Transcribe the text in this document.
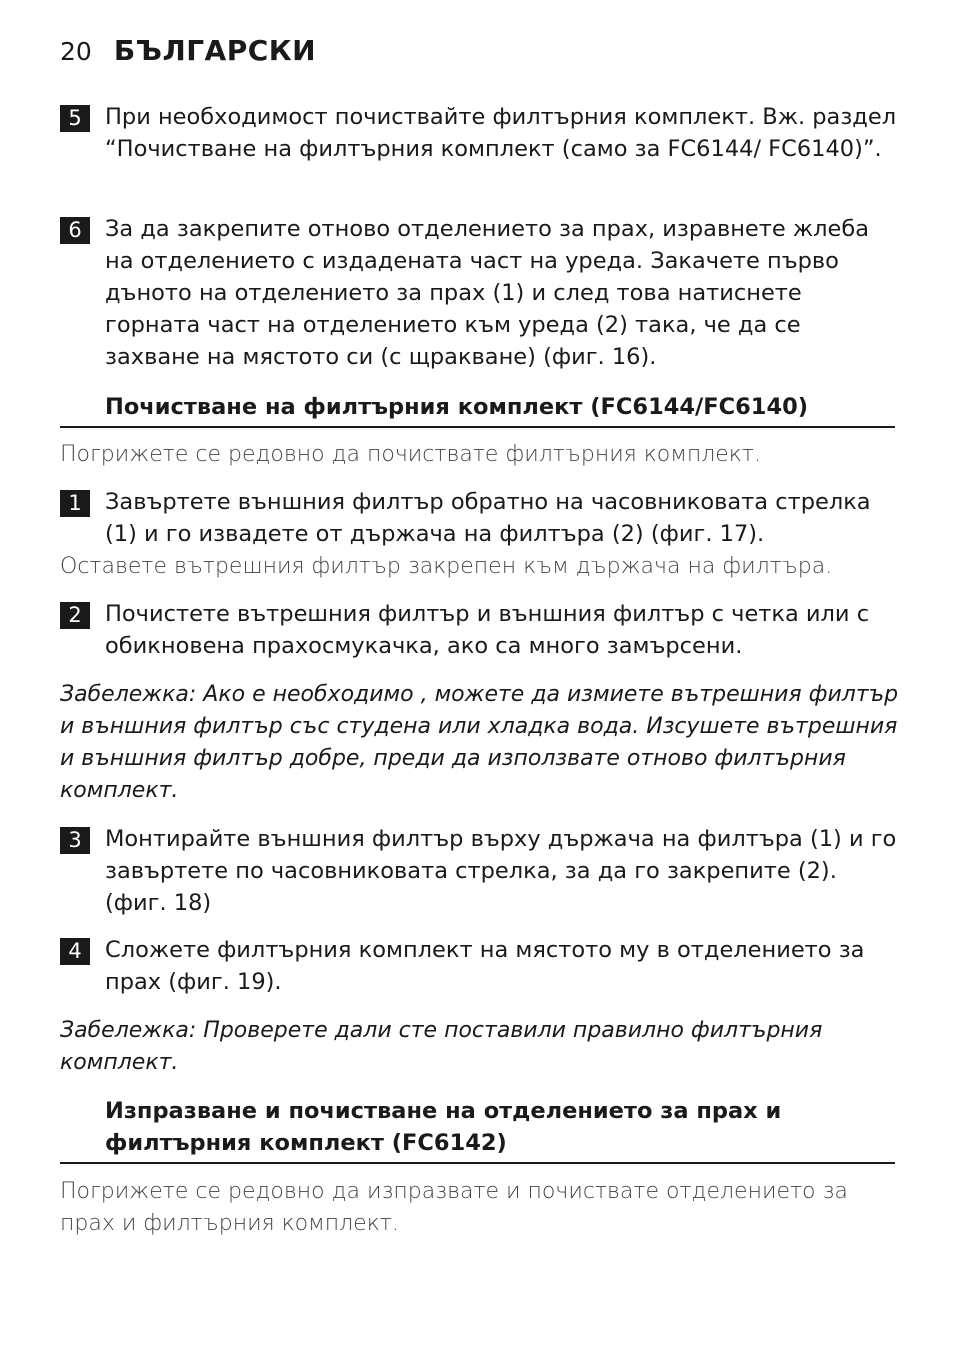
20 БЪЛГАРСКИ
5	При необходимост почиствайте филтърния комплект. Вж. раздел “Почистване на филтърния комплект (само за FC6144/ FC6140)”.
6	За да закрепите отново отделението за прах, изравнете жлеба на отделението с издадената част на уреда. Закачете първо дъното на отделението за прах (1) и след това натиснете горната част на отделението към уреда (2) така, че да се захване на мястото си (с щракване) (фиг. 16).
Почистване на филтърния комплект (FC6144/FC6140)
Погрижете се редовно да почиствате филтърния комплект.
1	Завъртете външния филтър обратно на часовниковата стрелка (1) и го извадете от държача на филтъра (2) (фиг. 17).
Оставете вътрешния филтър закрепен към държача на филтъра.
2	Почистете вътрешния филтър и външния филтър с четка или с обикновена прахосмукачка, ако са много замърсени.
Забележка: Ако е необходимо , можете да измиете вътрешния филтър и външния филтър със студена или хладка вода. Изсушете вътрешния и външния филтър добре, преди да използвате отново филтърния комплект.
3	Монтирайте външния филтър върху държача на филтъра (1) и го завъртете по часовниковата стрелка, за да го закрепите (2). (фиг. 18)
4	Сложете филтърния комплект на мястото му в отделението за прах (фиг. 19).
Забележка: Проверете дали сте поставили правилно филтърния комплект.
Изпразване и почистване на отделението за прах и филтърния комплект (FC6142)
Погрижете се редовно да изпразвате и почиствате отделението за прах и филтърния комплект.
